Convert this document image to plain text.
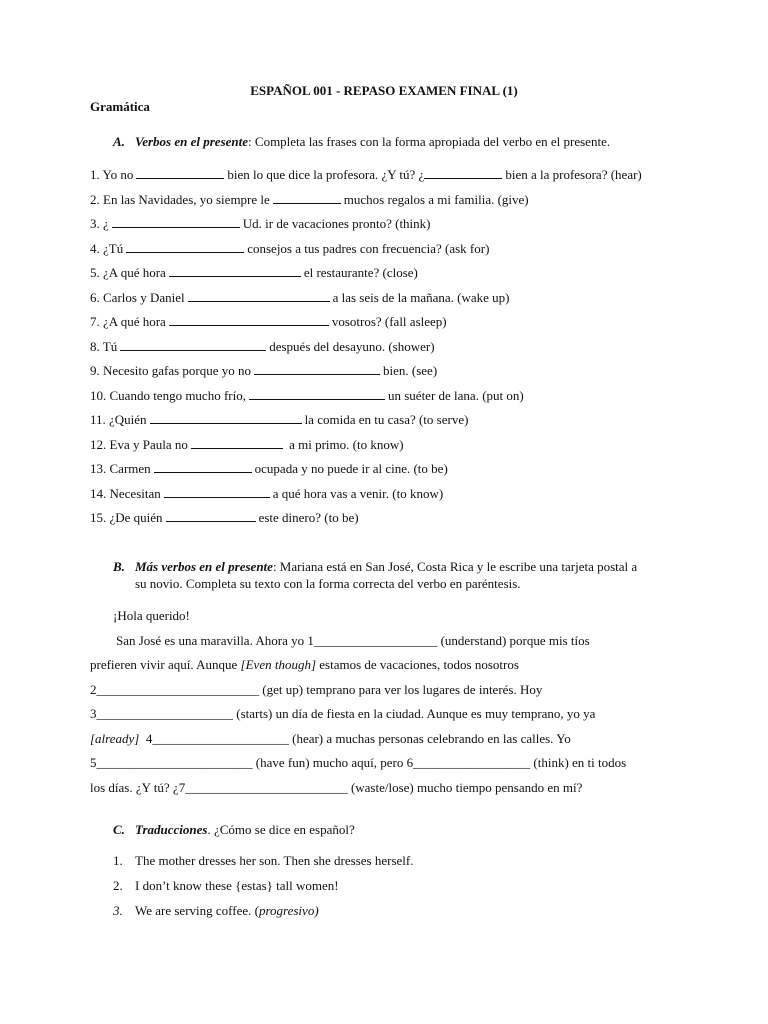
ESPAÑOL 001 - REPASO EXAMEN FINAL (1)
Gramática
A. Verbos en el presente: Completa las frases con la forma apropiada del verbo en el presente.
1. Yo no	bien lo que dice la profesora. ¿Y tú? ¿	bien a la profesora? (hear)
2. En las Navidades, yo siempre le	muchos regalos a mi familia. (give)
3. ¿	Ud. ir de vacaciones pronto? (think)
4. ¿Tú	consejos a tus padres con frecuencia? (ask for)
5. ¿A qué hora	el restaurante? (close)
6. Carlos y Daniel	a las seis de la mañana. (wake up)
7. ¿A qué hora	vosotros? (fall asleep)
8. Tú	después del desayuno. (shower)
9. Necesito gafas porque yo no	bien. (see)
10. Cuando tengo mucho frío,	un suéter de lana. (put on)
11. ¿Quién	la comida en tu casa? (to serve)
12. Eva y Paula no	a mi primo. (to know)
13. Carmen	ocupada y no puede ir al cine. (to be)
14. Necesitan	a qué hora vas a venir. (to know)
15. ¿De quién	este dinero? (to be)
B. Más verbos en el presente: Mariana está en San José, Costa Rica y le escribe una tarjeta postal a
su novio. Completa su texto con la forma correcta del verbo en paréntesis.
¡Hola querido!
San José es una maravilla. Ahora yo 1___________________ (understand) porque mis tíos
prefieren vivir aquí. Aunque [Even though] estamos de vacaciones, todos nosotros
2_________________________ (get up) temprano para ver los lugares de interés. Hoy
3_____________________ (starts) un día de fiesta en la ciudad. Aunque es muy temprano, yo ya
[already]  4_____________________ (hear) a muchas personas celebrando en las calles. Yo
5________________________ (have fun) mucho aquí, pero 6__________________ (think) en ti todos
los días. ¿Y tú? ¿7_________________________ (waste/lose) mucho tiempo pensando en mí?
C. Traducciones. ¿Cómo se dice en español?
1. The mother dresses her son. Then she dresses herself.
2. I don’t know these {estas} tall women!
3. We are serving coffee. (progresivo)
